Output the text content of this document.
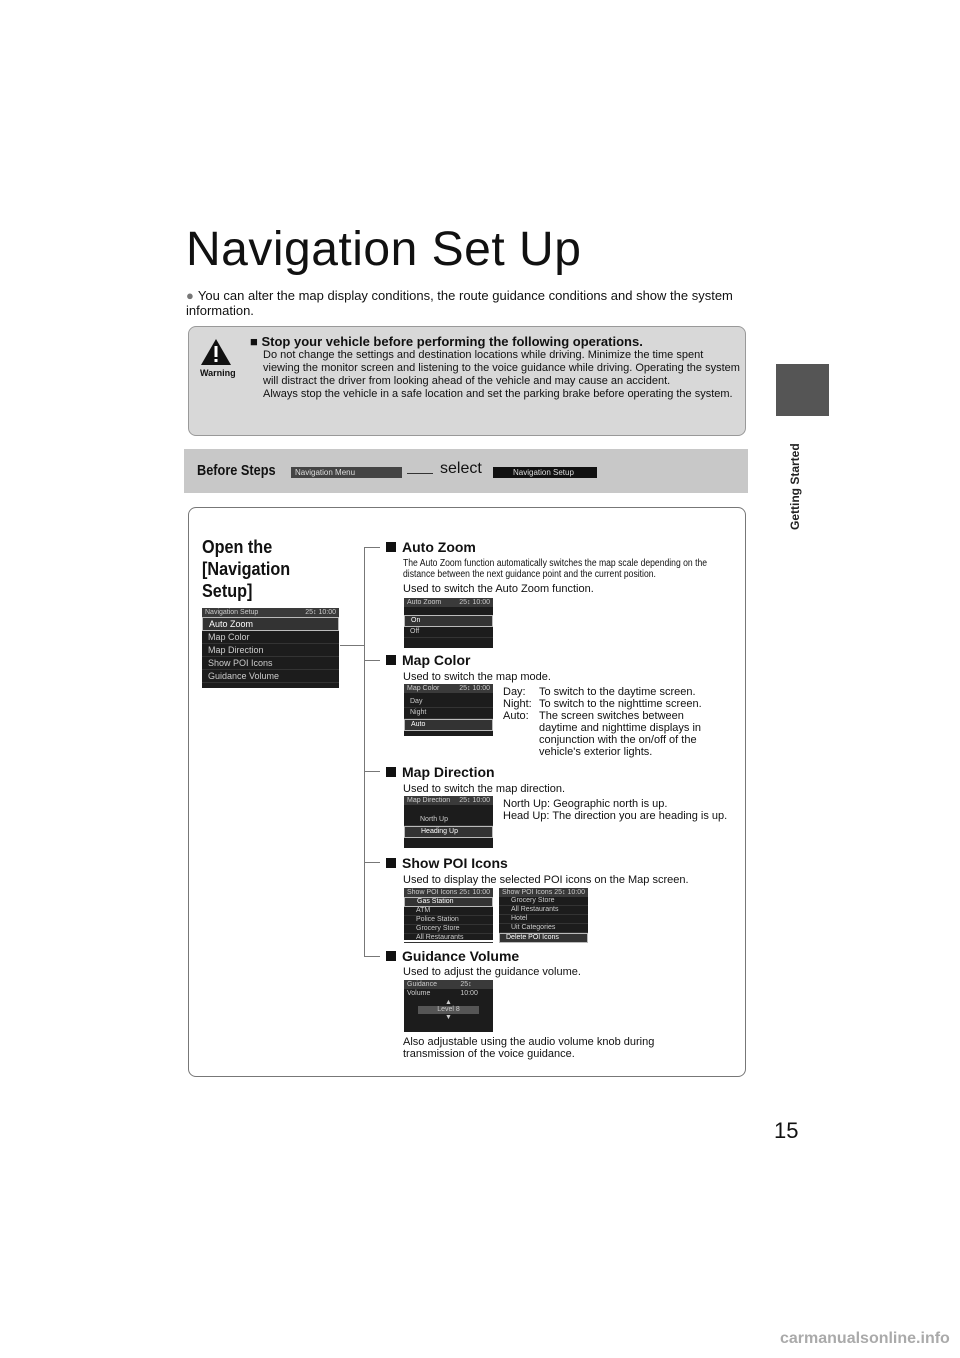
Navigation Set Up
● You can alter the map display conditions, the route guidance conditions and show the system information.
Getting Started
Warning
■ Stop your vehicle before performing the following operations.
Do not change the settings and destination locations while driving. Minimize the time spent viewing the monitor screen and listening to the voice guidance while driving. Operating the system will distract the driver from looking ahead of the vehicle and may cause an accident.
Always stop the vehicle in a safe location and set the parking brake before operating the system.
Before Steps	Navigation Menu	select	Navigation Setup
Open the [Navigation Setup]
Navigation Setup	25↕ 10:00
Auto Zoom
Map Color
Map Direction
Show POI Icons
Guidance Volume
Auto Zoom
The Auto Zoom function automatically switches the map scale depending on the distance between the next guidance point and the current position.
Used to switch the Auto Zoom function.
Auto Zoom	25↕ 10:00
On
Off
Map Color
Used to switch the map mode.
Map Color	25↕ 10:00
Day
Night
Auto
Day:	To switch to the daytime screen.
Night: To switch to the nighttime screen.
Auto: The screen switches between daytime and nighttime displays in conjunction with the on/off of the vehicle's exterior lights.
Map Direction
Used to switch the map direction.
Map Direction 25↕ 10:00
North Up
Heading Up
North Up: Geographic north is up.
Head Up: The direction you are heading is up.
Show POI Icons
Used to display the selected POI icons on the Map screen.
Show POI Icons 25↕ 10:00
Gas Station
ATM
Police Station
Grocery Store
All Restaurants
Show POI Icons 25↕ 10:00
Grocery Store
All Restaurants
Hotel
Uit Categories
Delete POI Icons
Guidance Volume
Used to adjust the guidance volume.
Guidance Volume
25↕ 10:00
▲
Level 8
▼
Also adjustable using the audio volume knob during transmission of the voice guidance.
15
carmanualsonline.info
